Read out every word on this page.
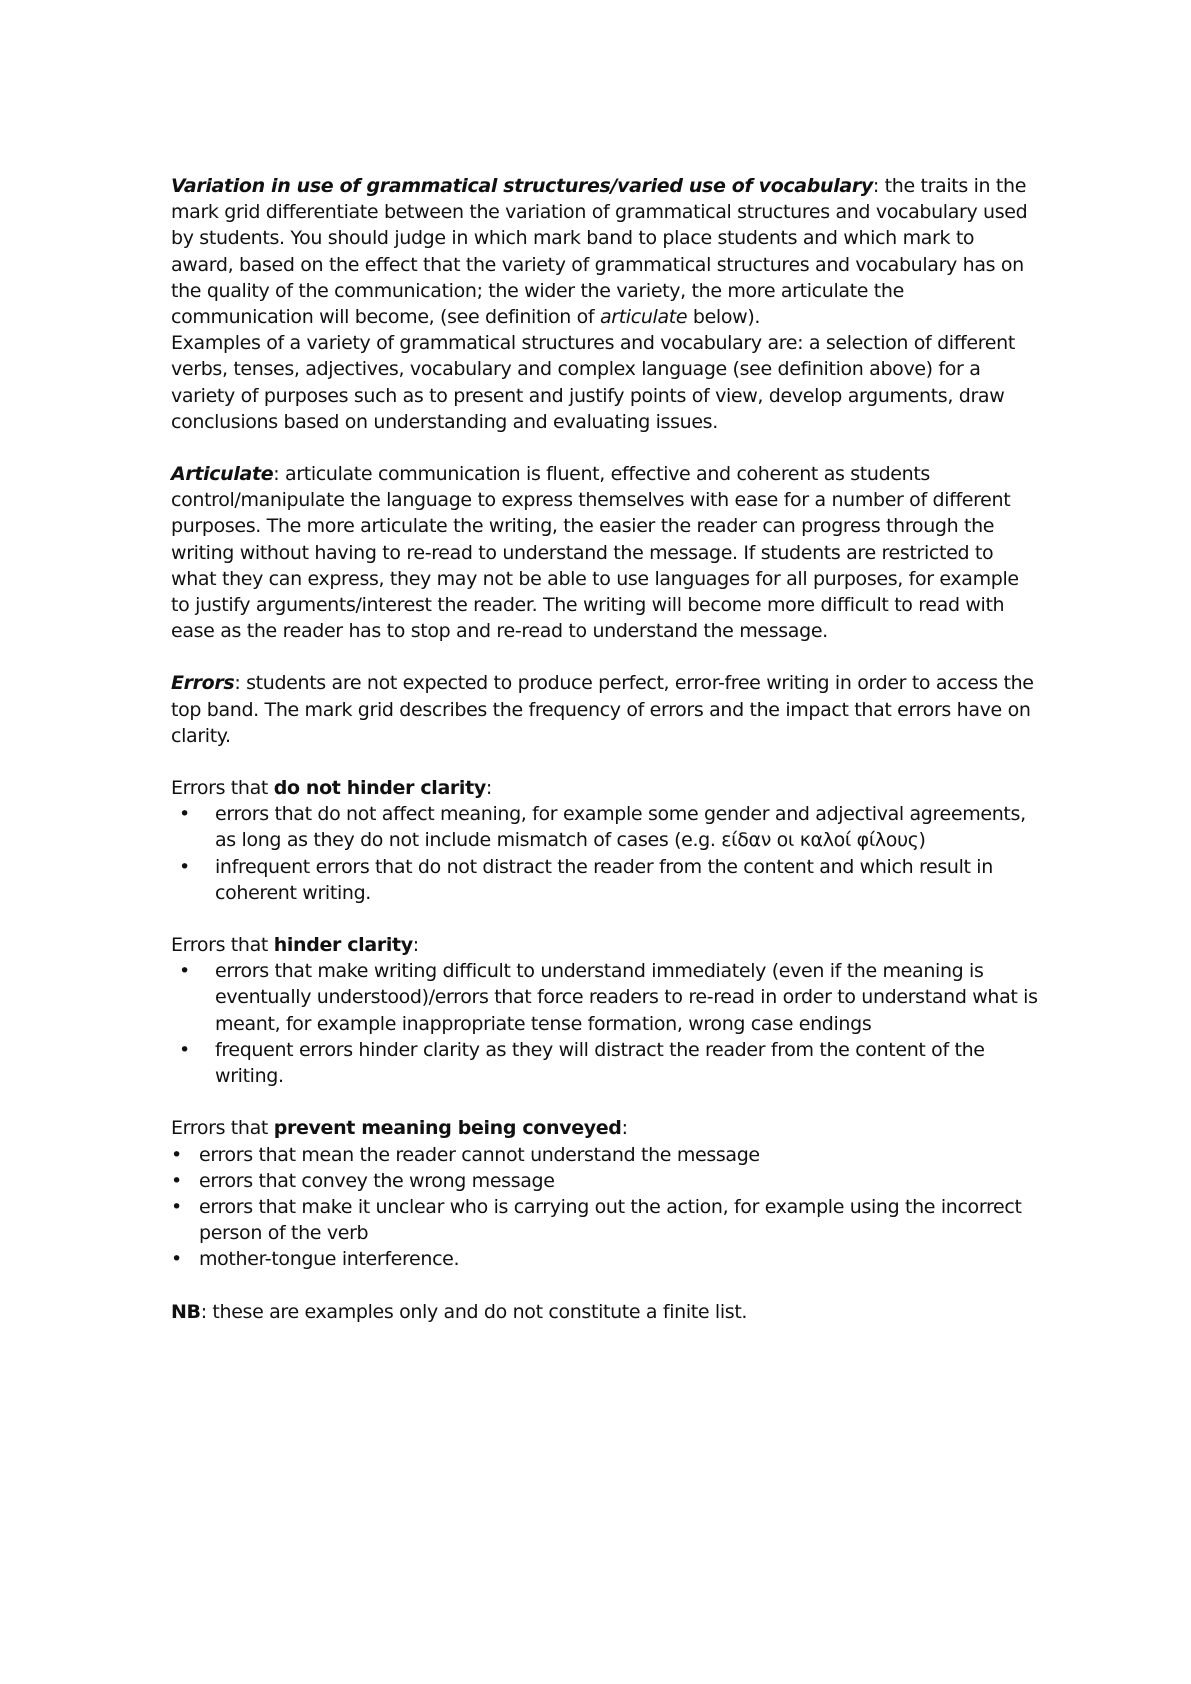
Variation in use of grammatical structures/varied use of vocabulary: the traits in the mark grid differentiate between the variation of grammatical structures and vocabulary used by students. You should judge in which mark band to place students and which mark to award, based on the effect that the variety of grammatical structures and vocabulary has on the quality of the communication; the wider the variety, the more articulate the communication will become, (see definition of articulate below).

Examples of a variety of grammatical structures and vocabulary are: a selection of different verbs, tenses, adjectives, vocabulary and complex language (see definition above) for a variety of purposes such as to present and justify points of view, develop arguments, draw conclusions based on understanding and evaluating issues.

Articulate: articulate communication is fluent, effective and coherent as students control/manipulate the language to express themselves with ease for a number of different purposes. The more articulate the writing, the easier the reader can progress through the writing without having to re-read to understand the message. If students are restricted to what they can express, they may not be able to use languages for all purposes, for example to justify arguments/interest the reader. The writing will become more difficult to read with ease as the reader has to stop and re-read to understand the message.

Errors: students are not expected to produce perfect, error-free writing in order to access the top band. The mark grid describes the frequency of errors and the impact that errors have on clarity.

Errors that do not hinder clarity:

• errors that do not affect meaning, for example some gender and adjectival agreements, as long as they do not include mismatch of cases (e.g. είδαν οι καλοί φίλους)
• infrequent errors that do not distract the reader from the content and which result in coherent writing.

Errors that hinder clarity:

• errors that make writing difficult to understand immediately (even if the meaning is eventually understood)/errors that force readers to re-read in order to understand what is meant, for example inappropriate tense formation, wrong case endings
• frequent errors hinder clarity as they will distract the reader from the content of the writing.

Errors that prevent meaning being conveyed:

• errors that mean the reader cannot understand the message
• errors that convey the wrong message
• errors that make it unclear who is carrying out the action, for example using the incorrect person of the verb
• mother-tongue interference.

NB: these are examples only and do not constitute a finite list.
